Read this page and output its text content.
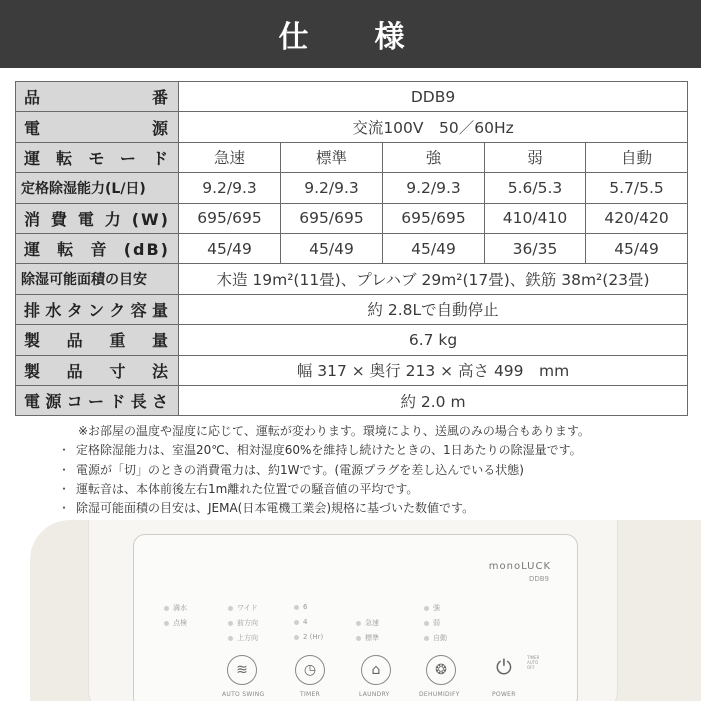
仕　様
品番	DDB9				
電源	交流100V　50／60Hz				
運転モード	急速	標準	強	弱	自動
定格除湿能力(L/日)	9.2/9.3	9.2/9.3	9.2/9.3	5.6/5.3	5.7/5.5
消費電力(W)	695/695	695/695	695/695	410/410	420/420
運転音(dB)	45/49	45/49	45/49	36/35	45/49
除湿可能面積の目安	木造 19m²(11畳)、プレハブ 29m²(17畳)、鉄筋 38m²(23畳)				
排水タンク容量	約 2.8Lで自動停止				
製品重量	6.7 kg				
製品寸法	幅 317 × 奥行 213 × 高さ 499　mm				
電源コード長さ	約 2.0 m				
※お部屋の温度や湿度に応じて、運転が変わります。環境により、送風のみの場合もあります。
・ 定格除湿能力は、室温20℃、相対湿度60%を維持し続けたときの、1日あたりの除湿量です。
・ 電源が「切」のときの消費電力は、約1Wです。(電源プラグを差し込んでいる状態)
・ 運転音は、本体前後左右1m離れた位置での騒音値の平均です。
・ 除湿可能面積の目安は、JEMA(日本電機工業会)規格に基づいた数値です。
monoLUCK
DDB9
満水
点検
ワイド
前方向
上方向
6
4
2 (Hr)
急速
標準
強
弱
自動
≋
AUTO SWING
◷
TIMER
⌂
LAUNDRY
❂
DEHUMIDIFY
⏻	TIMER
AUTO
OFF
POWER
